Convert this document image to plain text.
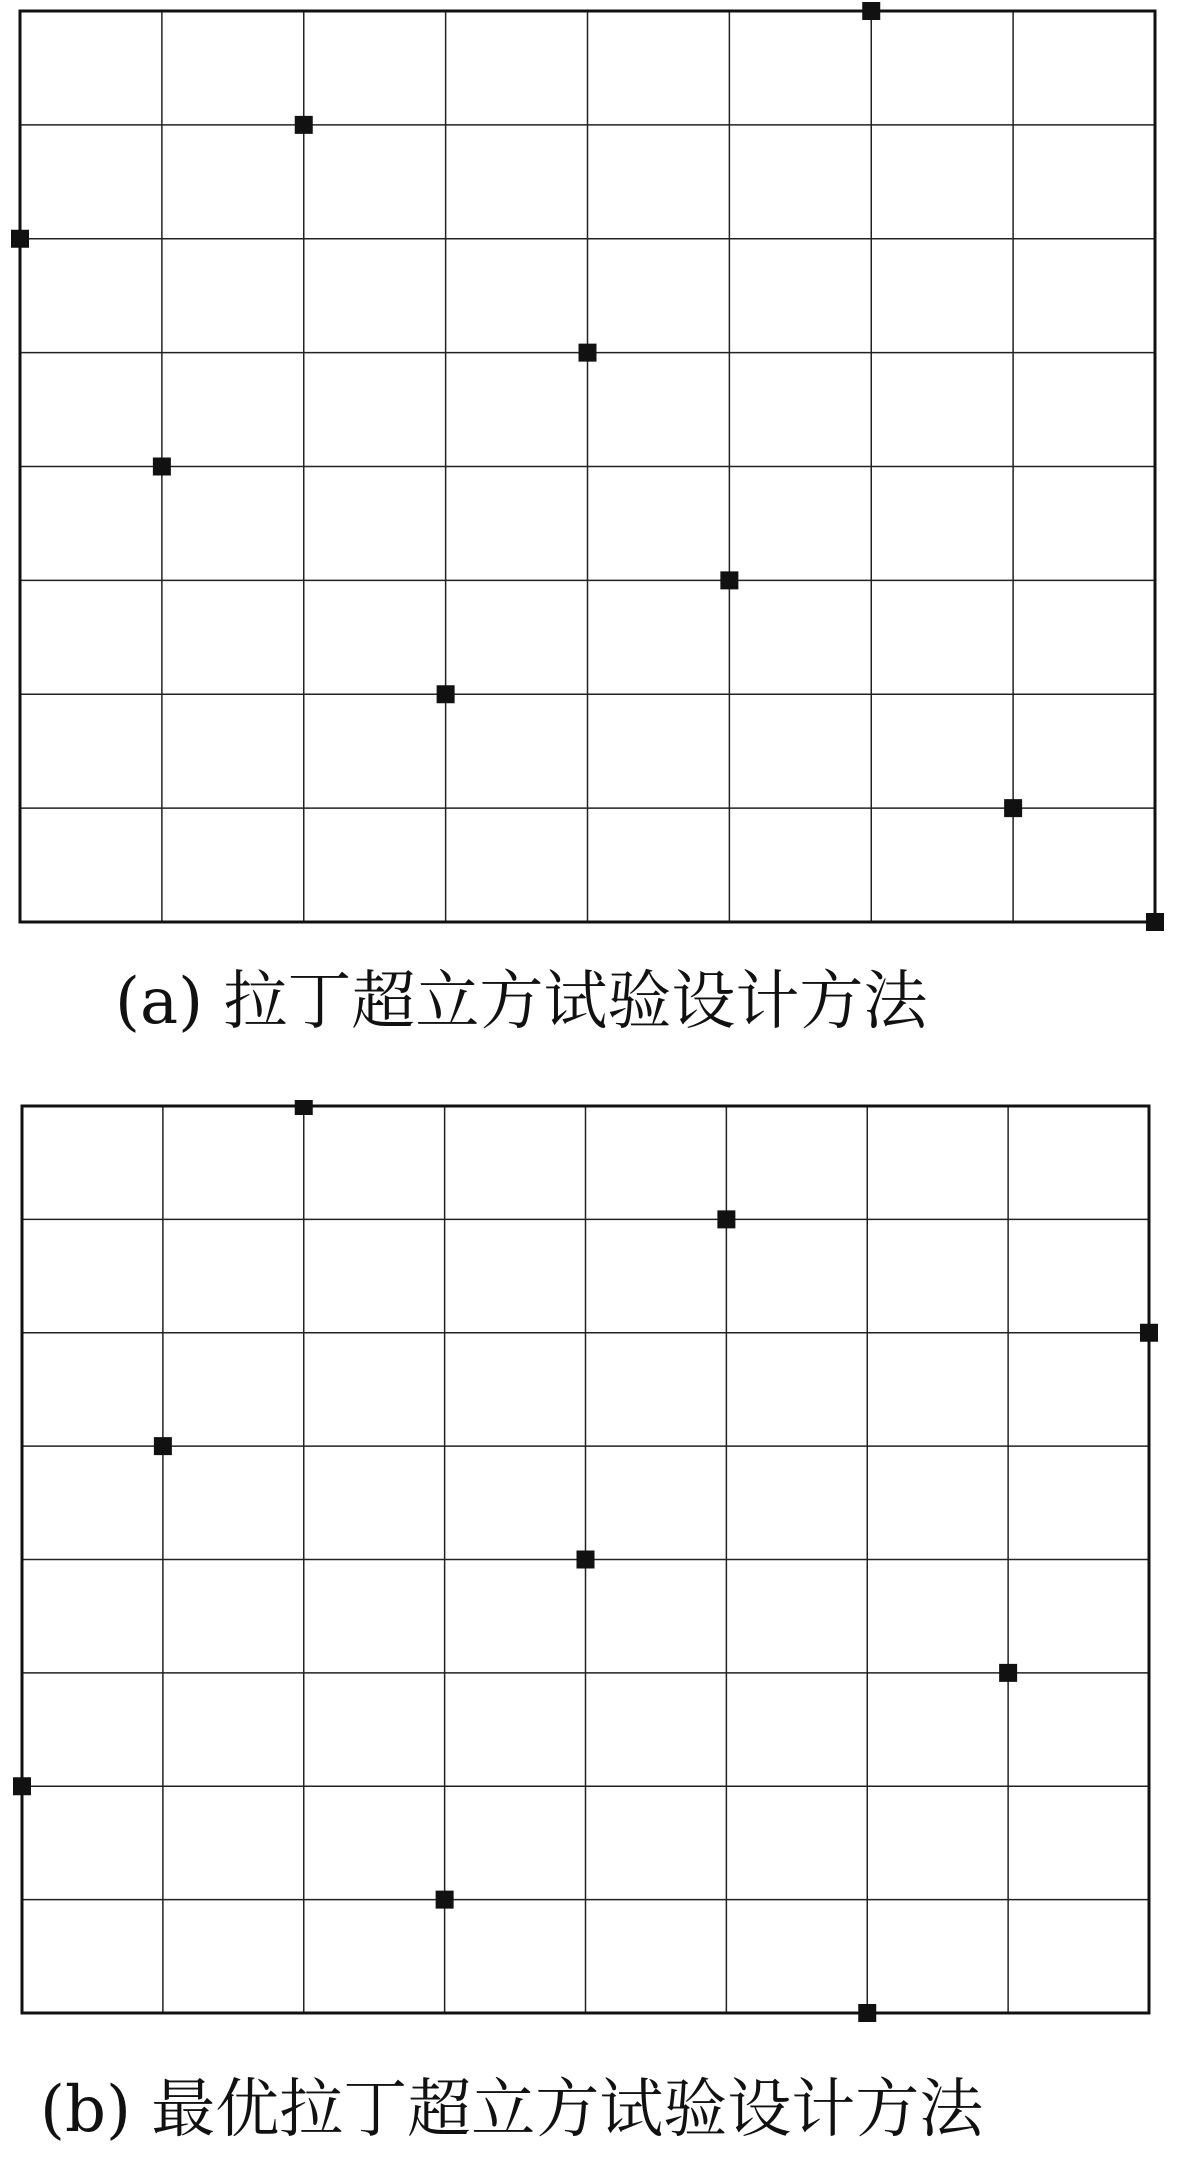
(a) 拉丁超立方试验设计方法
(b) 最优拉丁超立方试验设计方法
